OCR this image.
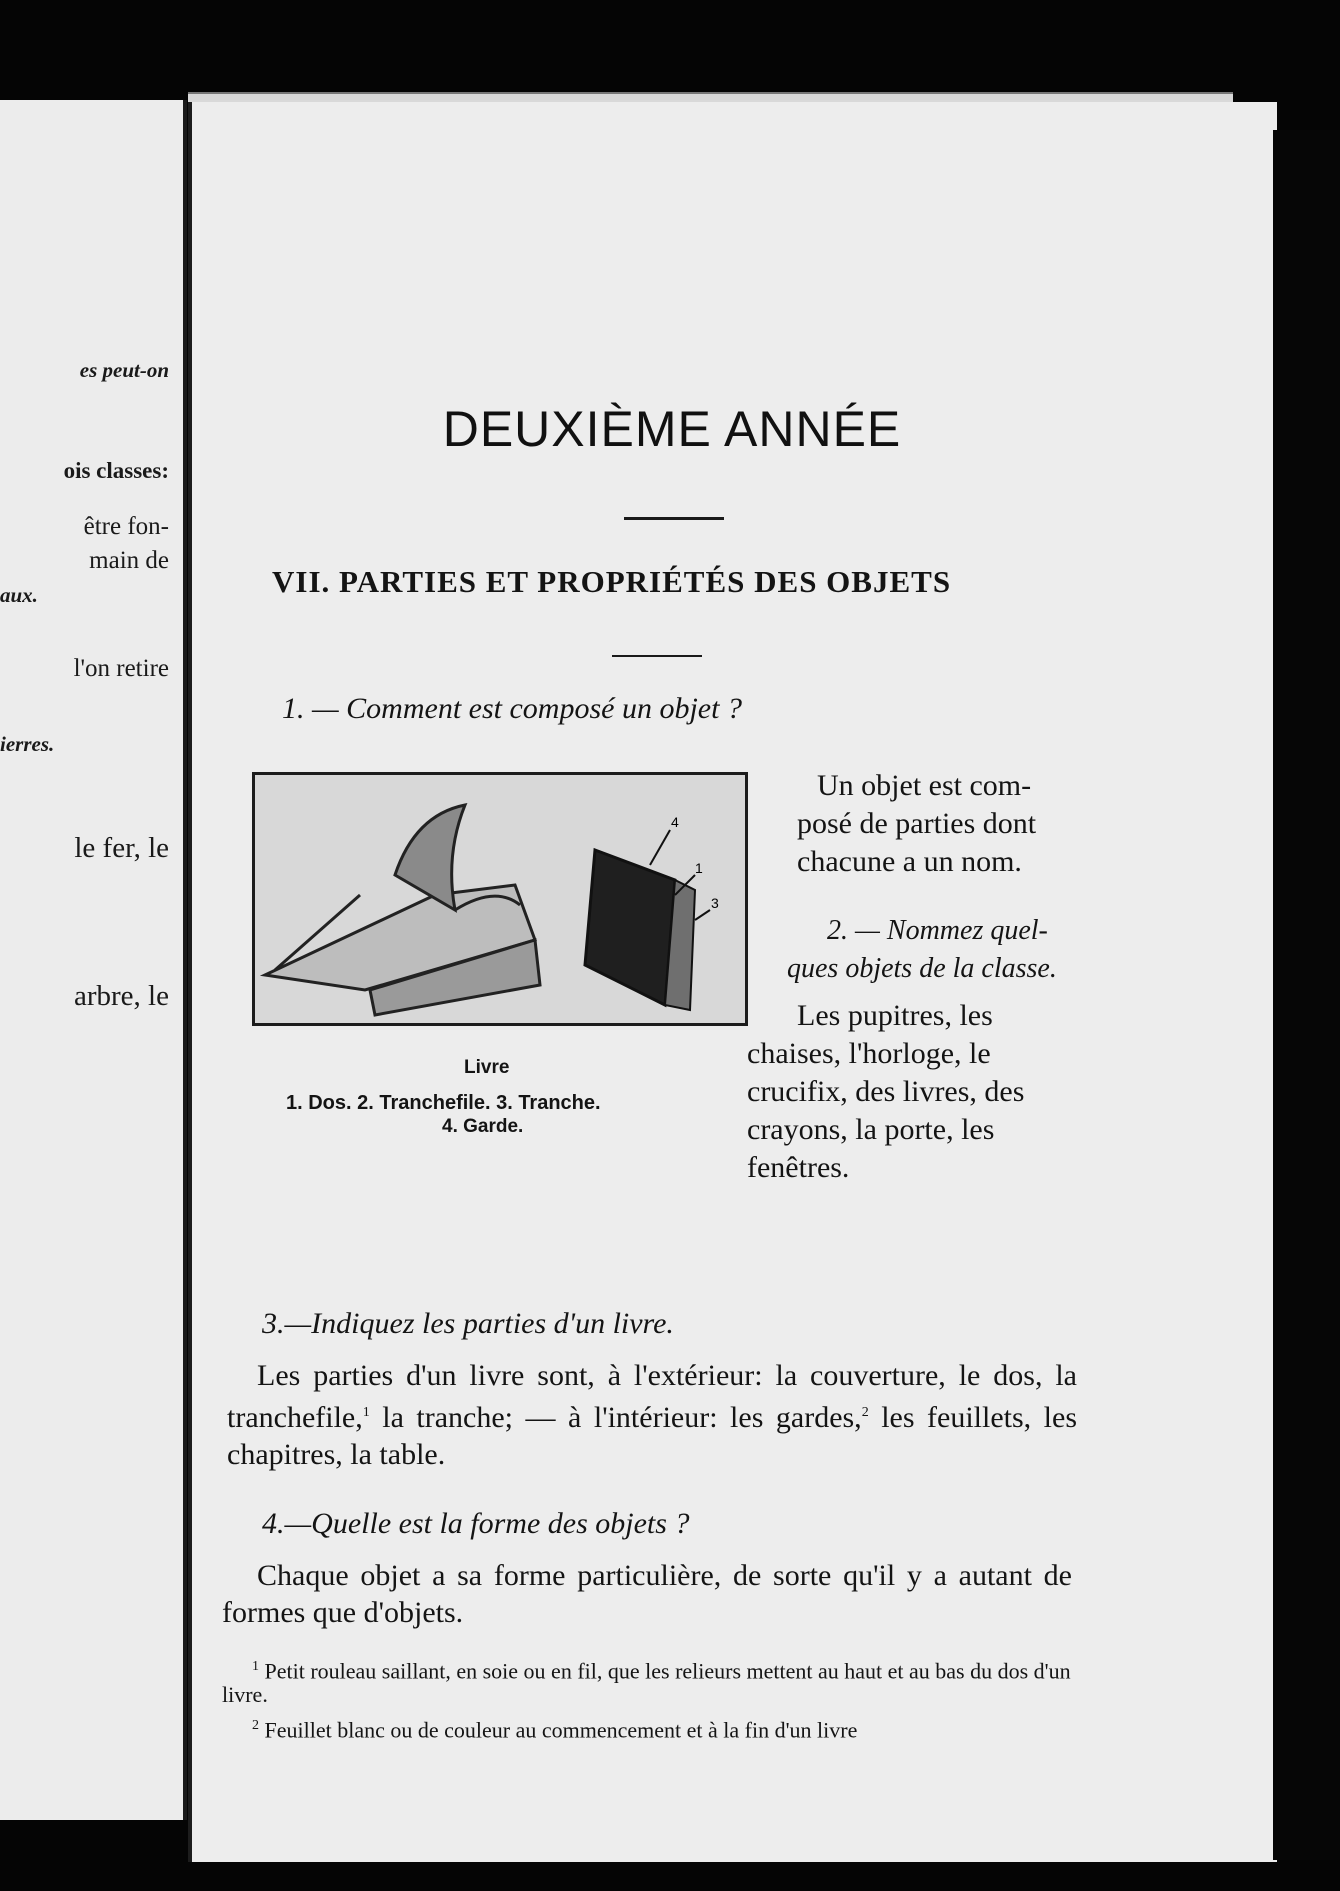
es peut-on
ois classes:
être fon-
main de
aux.
l'on retire
ierres.
le fer, le
arbre, le
DEUXIÈME ANNÉE
VII. PARTIES ET PROPRIÉTÉS DES OBJETS
1. — Comment est composé un objet ?
4
1
3
Livre
1. Dos. 2. Tranchefile. 3. Tranche.
4. Garde.
Un objet est com-
posé de parties dont
chacune a un nom.
2. — Nommez quel-
ques objets de la classe.
Les pupitres, les
chaises, l'horloge, le
crucifix, des livres, des
crayons, la porte, les
fenêtres.
3.—Indiquez les parties d'un livre.
Les parties d'un livre sont, à l'extérieur: la couverture, le dos, la tranchefile,$^1$ la tranche; — à l'intérieur: les gardes,$^2$ les feuillets, les chapitres, la table.
4.—Quelle est la forme des objets ?
Chaque objet a sa forme particulière, de sorte qu'il y a autant de formes que d'objets.
$^1$ Petit rouleau saillant, en soie ou en fil, que les relieurs mettent au haut et au bas du dos d'un livre.
$^2$ Feuillet blanc ou de couleur au commencement et à la fin d'un livre
